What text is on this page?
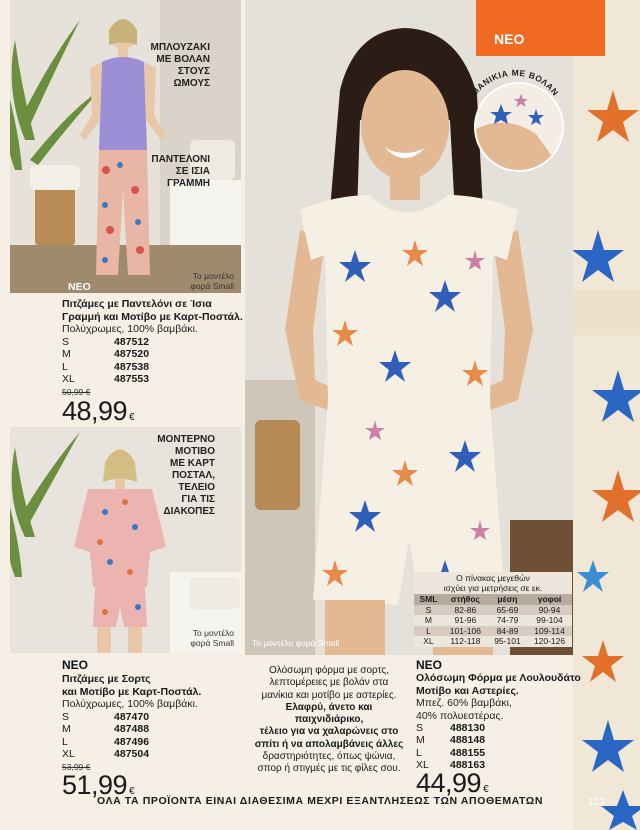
ΜΠΛΟΥΖΑΚΙ
ΜΕ ΒΟΛΑΝ
ΣΤΟΥΣ
ΩΜΟΥΣ
ΠΑΝΤΕΛΟΝΙ
ΣΕ ΙΣΙΑ
ΓΡΑΜΜΗ
Το μοντέλο
φορά Small
ΝΕΟ
Πιτζάμες με Παντελόνι σε Ίσια
Γραμμή και Μοτίβο με Καρτ-Ποστάλ.
Πολύχρωμες, 100% βαμβάκι.
S	487512
M	487520
L	487538
XL	487553
50,99 €
48,99 €
ΜΟΝΤΕΡΝΟ
ΜΟΤΙΒΟ
ΜΕ ΚΑΡΤ
ΠΟΣΤΑΛ,
ΤΕΛΕΙΟ
ΓΙΑ ΤΙΣ
ΔΙΑΚΟΠΕΣ
Το μοντέλο
φορά Small
ΝΕΟ
Πιτζάμες με Σορτς
και Μοτίβο με Καρτ-Ποστάλ.
Πολύχρωμες, 100% βαμβάκι.
S	487470
M	487488
L	487496
XL	487504
53,99 €
51,99 €
ΝΕΟ
ΜΑΝΙΚΙΑ ΜΕ ΒΟΛΑΝ
Το μοντέλο φορά Small
Ο πίνακας μεγεθών
ισχύει για μετρήσεις σε εκ.
SML	στήθος	μέση	γοφοί
S	82-86	65-69	90-94
M	91-96	74-79	99-104
L	101-106	84-89	109-114
XL	112-118	95-101	120-126
Ολόσωμη φόρμα με σορτς,
λεπτομέρειες με βολάν στα
μανίκια και μοτίβο με αστερίες.
Ελαφρύ, άνετο και παιχνιδιάρικο,
τέλειο για να χαλαρώνεις στο
σπίτι ή να απολαμβάνεις άλλες
δραστηριότητες, όπως ψώνια,
σπορ ή στιγμές με τις φίλες σου.
ΝΕΟ
Ολόσωμη Φόρμα με Λουλουδάτο
Μοτίβο και Αστερίες.
Μπεζ. 60% βαμβάκι,
40% πολυεστέρας.
S	488130
M	488148
L	488155
XL	488163
44,99 €
ΟΛΑ ΤΑ ΠΡΟΪΟΝΤΑ ΕΙΝΑΙ ΔΙΑΘΕΣΙΜΑ ΜΕΧΡΙ ΕΞΑΝΤΛΗΣΕΩΣ ΤΩΝ ΑΠΟΘΕΜΑΤΩΝ	123
